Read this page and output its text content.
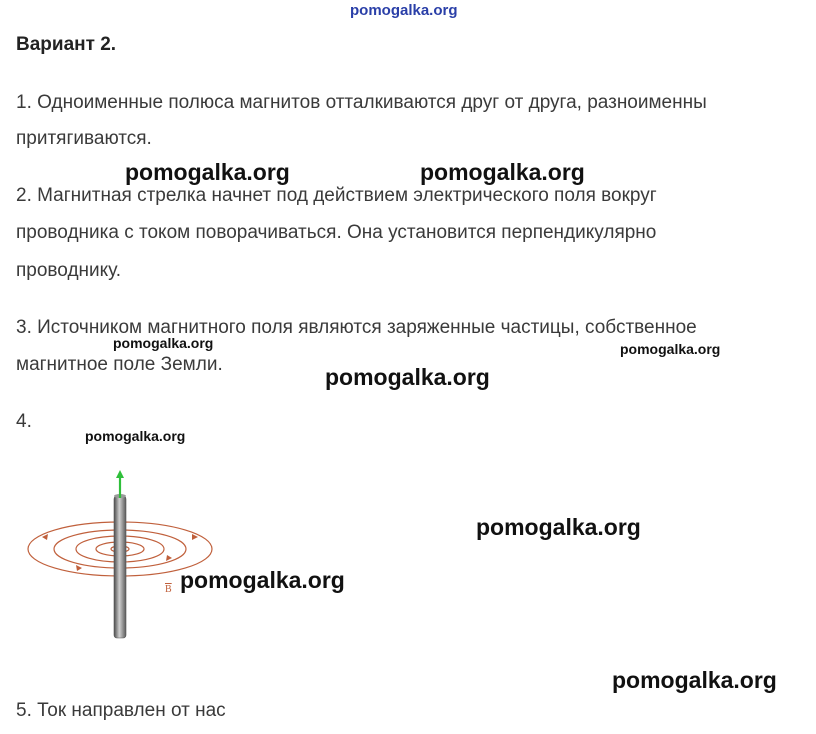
pomogalka.org
Вариант 2.
1. Одноименные полюса магнитов отталкиваются друг от друга, разноименны
притягиваются.
2. Магнитная стрелка начнет под действием электрического поля вокруг
проводника с током поворачиваться. Она установится перпендикулярно
проводнику.
3. Источником магнитного поля являются заряженные частицы, собственное
магнитное поле Земли.
4.
$\overline{B}$
5. Ток направлен от нас
pomogalka.org	pomogalka.org
pomogalka.org	pomogalka.org
pomogalka.org
pomogalka.org
pomogalka.org
pomogalka.org
pomogalka.org
